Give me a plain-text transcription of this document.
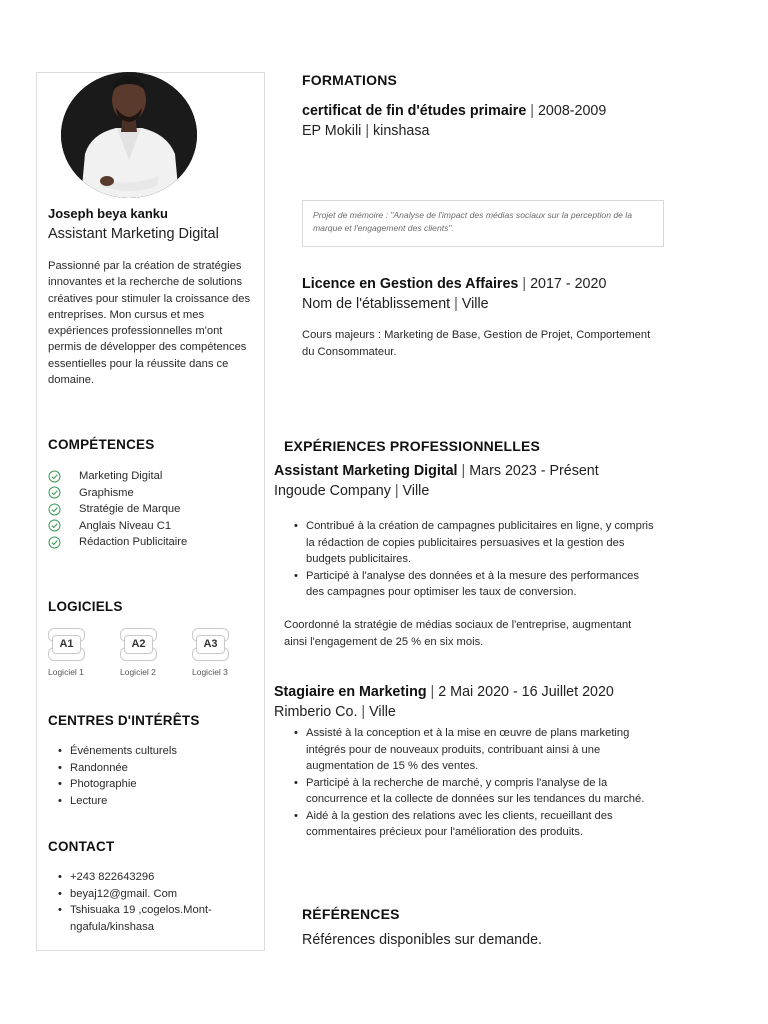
Joseph beya kanku
Assistant Marketing Digital
Passionné par la création de stratégies innovantes et la recherche de solutions créatives pour stimuler la croissance des entreprises. Mon cursus et mes expériences professionnelles m'ont permis de développer des compétences essentielles pour la réussite dans ce domaine.
COMPÉTENCES
Marketing Digital
Graphisme
Stratégie de Marque
Anglais Niveau C1
Rédaction Publicitaire
LOGICIELS
A1
Logiciel 1
A2
Logiciel 2
A3
Logiciel 3
CENTRES D'INTÉRÊTS
• Événements culturels
• Randonnée
• Photographie
• Lecture
CONTACT
• +243 822643296
• beyaj12@gmail. Com
• Tshisuaka 19 ,cogelos.Mont-ngafula/kinshasa
FORMATIONS
certificat de fin d'études primaire | 2008-2009
EP Mokili | kinshasa
Projet de mémoire : "Analyse de l'impact des médias sociaux sur la perception de la marque et l'engagement des clients".
Licence en Gestion des Affaires | 2017 - 2020
Nom de l'établissement | Ville
Cours majeurs : Marketing de Base, Gestion de Projet, Comportement du Consommateur.
EXPÉRIENCES PROFESSIONNELLES
Assistant Marketing Digital | Mars 2023 - Présent
Ingoude Company | Ville
• Contribué à la création de campagnes publicitaires en ligne, y compris la rédaction de copies publicitaires persuasives et la gestion des budgets publicitaires.
• Participé à l'analyse des données et à la mesure des performances des campagnes pour optimiser les taux de conversion.
Coordonné la stratégie de médias sociaux de l'entreprise, augmentant ainsi l'engagement de 25 % en six mois.
Stagiaire en Marketing | 2 Mai 2020 - 16 Juillet 2020
Rimberio Co. | Ville
• Assisté à la conception et à la mise en œuvre de plans marketing intégrés pour de nouveaux produits, contribuant ainsi à une augmentation de 15 % des ventes.
• Participé à la recherche de marché, y compris l'analyse de la concurrence et la collecte de données sur les tendances du marché.
• Aidé à la gestion des relations avec les clients, recueillant des commentaires précieux pour l'amélioration des produits.
RÉFÉRENCES
Références disponibles sur demande.
